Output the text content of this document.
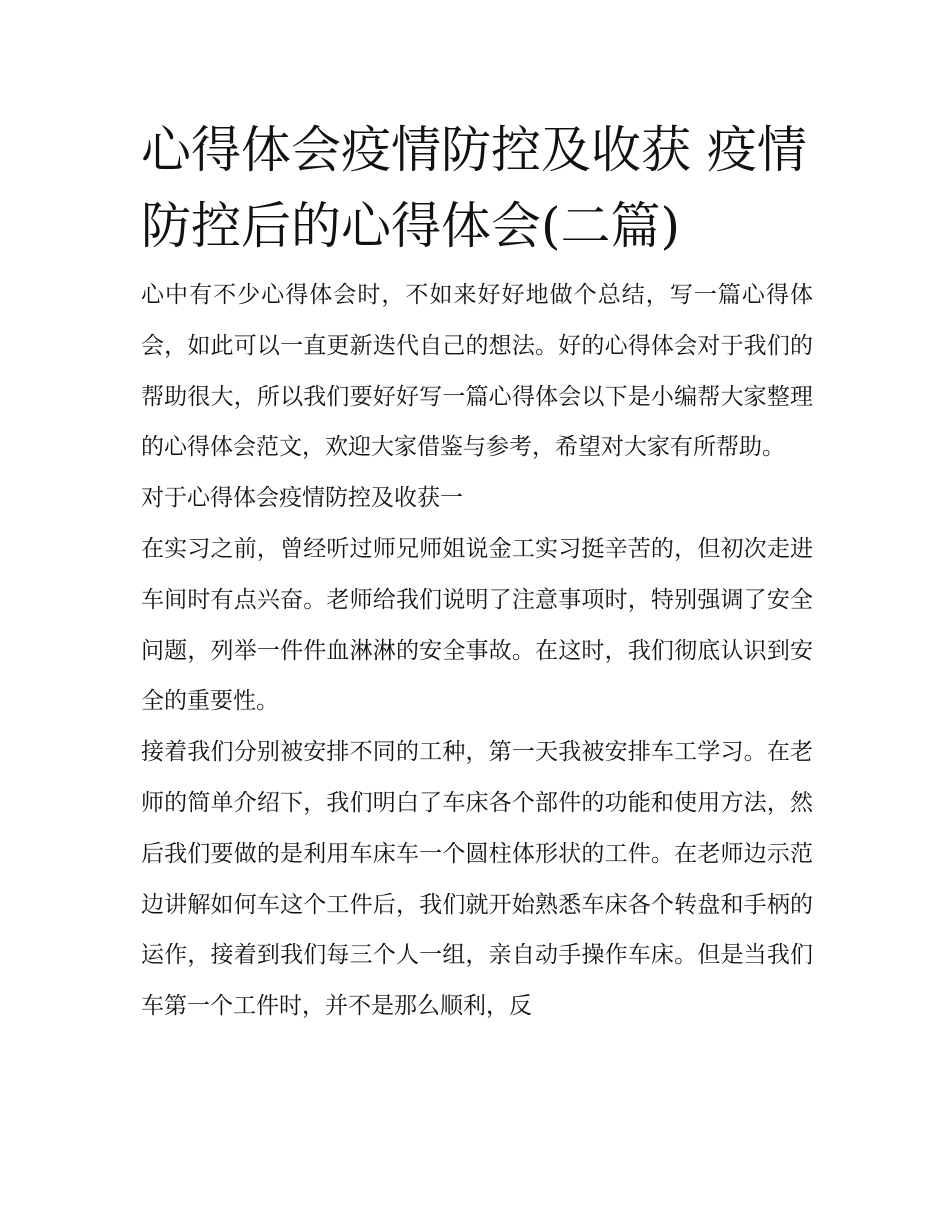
心得体会疫情防控及收获 疫情防控后的心得体会(二篇)

心中有不少心得体会时，不如来好好地做个总结，写一篇心得体会，如此可以一直更新迭代自己的想法。好的心得体会对于我们的帮助很大，所以我们要好好写一篇心得体会以下是小编帮大家整理的心得体会范文，欢迎大家借鉴与参考，希望对大家有所帮助。

对于心得体会疫情防控及收获一

在实习之前，曾经听过师兄师姐说金工实习挺辛苦的，但初次走进车间时有点兴奋。老师给我们说明了注意事项时，特别强调了安全问题，列举一件件血淋淋的安全事故。在这时，我们彻底认识到安全的重要性。

接着我们分别被安排不同的工种，第一天我被安排车工学习。在老师的简单介绍下，我们明白了车床各个部件的功能和使用方法，然后我们要做的是利用车床车一个圆柱体形状的工件。在老师边示范边讲解如何车这个工件后，我们就开始熟悉车床各个转盘和手柄的运作，接着到我们每三个人一组，亲自动手操作车床。但是当我们车第一个工件时，并不是那么顺利，反
